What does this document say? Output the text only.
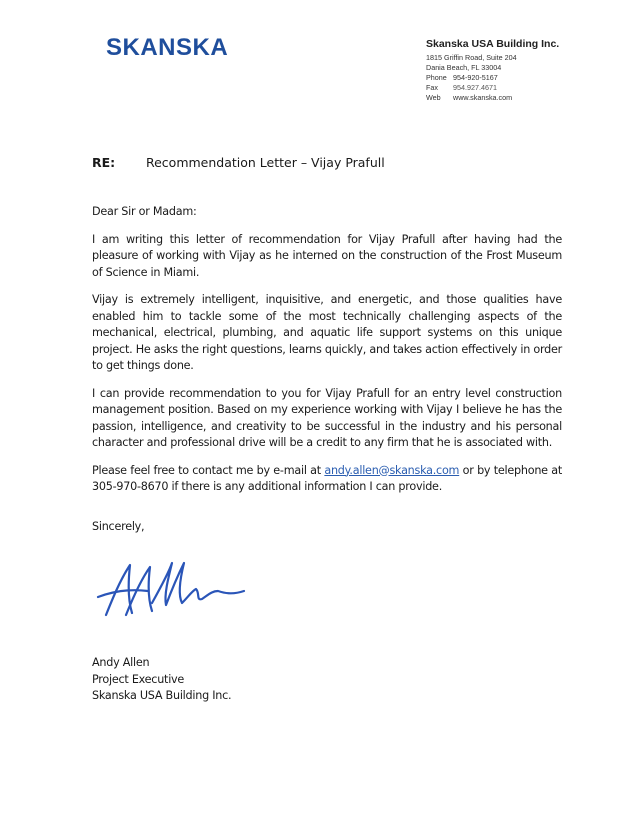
SKANSKA	Skanska USA Building Inc.
1815 Griffin Road, Suite 204
Dania Beach, FL 33004
Phone 954-920-5167
Fax 954.927.4671
Web www.skanska.com
RE: Recommendation Letter – Vijay Prafull

Dear Sir or Madam:

I am writing this letter of recommendation for Vijay Prafull after having had the pleasure of working with Vijay as he interned on the construction of the Frost Museum of Science in Miami.

Vijay is extremely intelligent, inquisitive, and energetic, and those qualities have enabled him to tackle some of the most technically challenging aspects of the mechanical, electrical, plumbing, and aquatic life support systems on this unique project. He asks the right questions, learns quickly, and takes action effectively in order to get things done.

I can provide recommendation to you for Vijay Prafull for an entry level construction management position. Based on my experience working with Vijay I believe he has the passion, intelligence, and creativity to be successful in the industry and his personal character and professional drive will be a credit to any firm that he is associated with.

Please feel free to contact me by e-mail at andy.allen@skanska.com or by telephone at 305-970-8670 if there is any additional information I can provide.

Sincerely,
Andy Allen
Project Executive
Skanska USA Building Inc.
